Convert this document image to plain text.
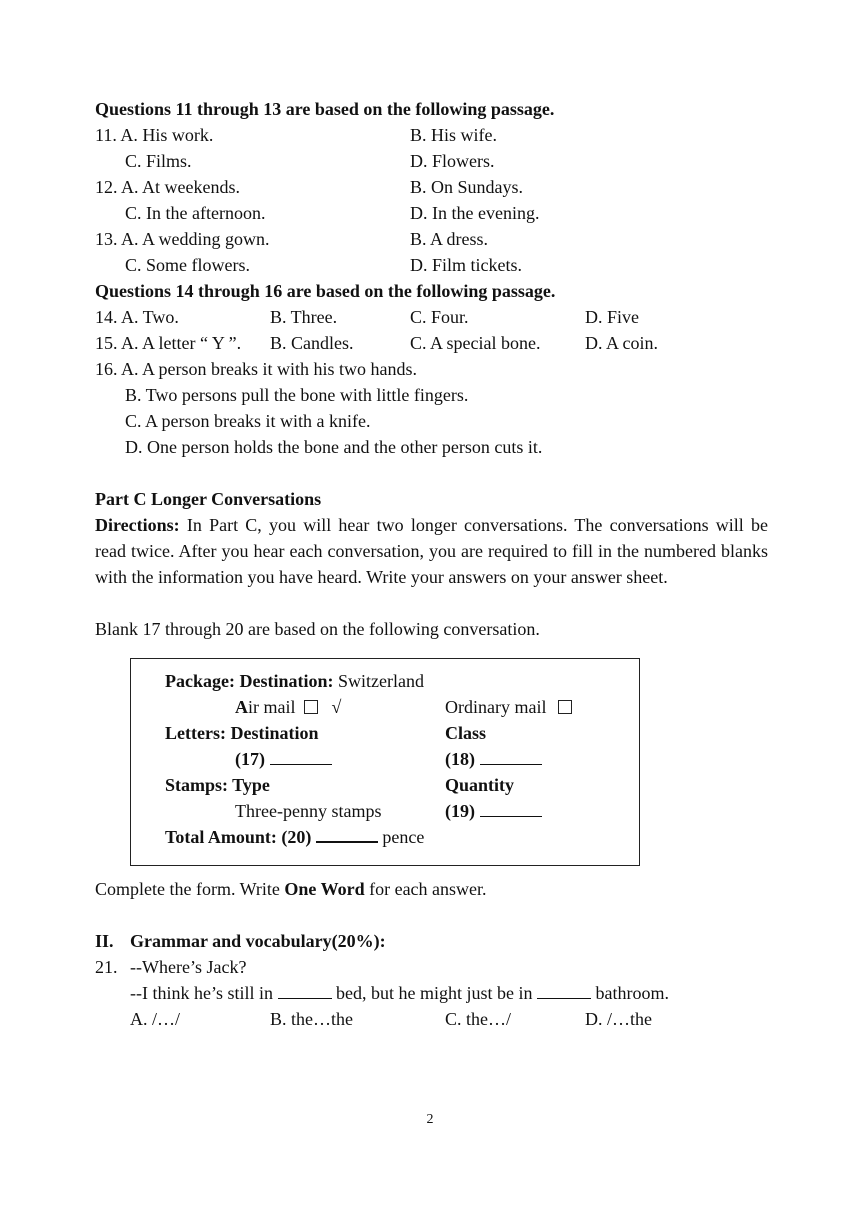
Questions 11 through 13 are based on the following passage.
11. A. His work.	B. His wife.
C. Films.	D. Flowers.
12. A. At weekends.	B. On Sundays.
C. In the afternoon.	D. In the evening.
13. A. A wedding gown.	B. A dress.
C. Some flowers.	D. Film tickets.
Questions 14 through 16 are based on the following passage.
14. A. Two.	B. Three.	C. Four.	D. Five
15. A. A letter “ Y ”. B. Candles.	C. A special bone. D. A coin.
16. A. A person breaks it with his two hands.
B. Two persons pull the bone with little fingers.
C. A person breaks it with a knife.
D. One person holds the bone and the other person cuts it.
Part C Longer Conversations
Directions: In Part C, you will hear two longer conversations. The conversations will be read twice. After you hear each conversation, you are required to fill in the numbered blanks with the information you have heard. Write your answers on your answer sheet.
Blank 17 through 20 are based on the following conversation.
Package: Destination: Switzerland
Air mail √	Ordinary mail
Letters: Destination	Class
(17)	(18)
Stamps: Type	Quantity
Three-penny stamps	(19)
Total Amount: (20)	pence
Complete the form. Write One Word for each answer.
II. Grammar and vocabulary(20%):
21. --Where’s Jack?
--I think he’s still in	bed, but he might just be in	bathroom.
A. /…/	B. the…the	C. the…/	D. /…the
2
